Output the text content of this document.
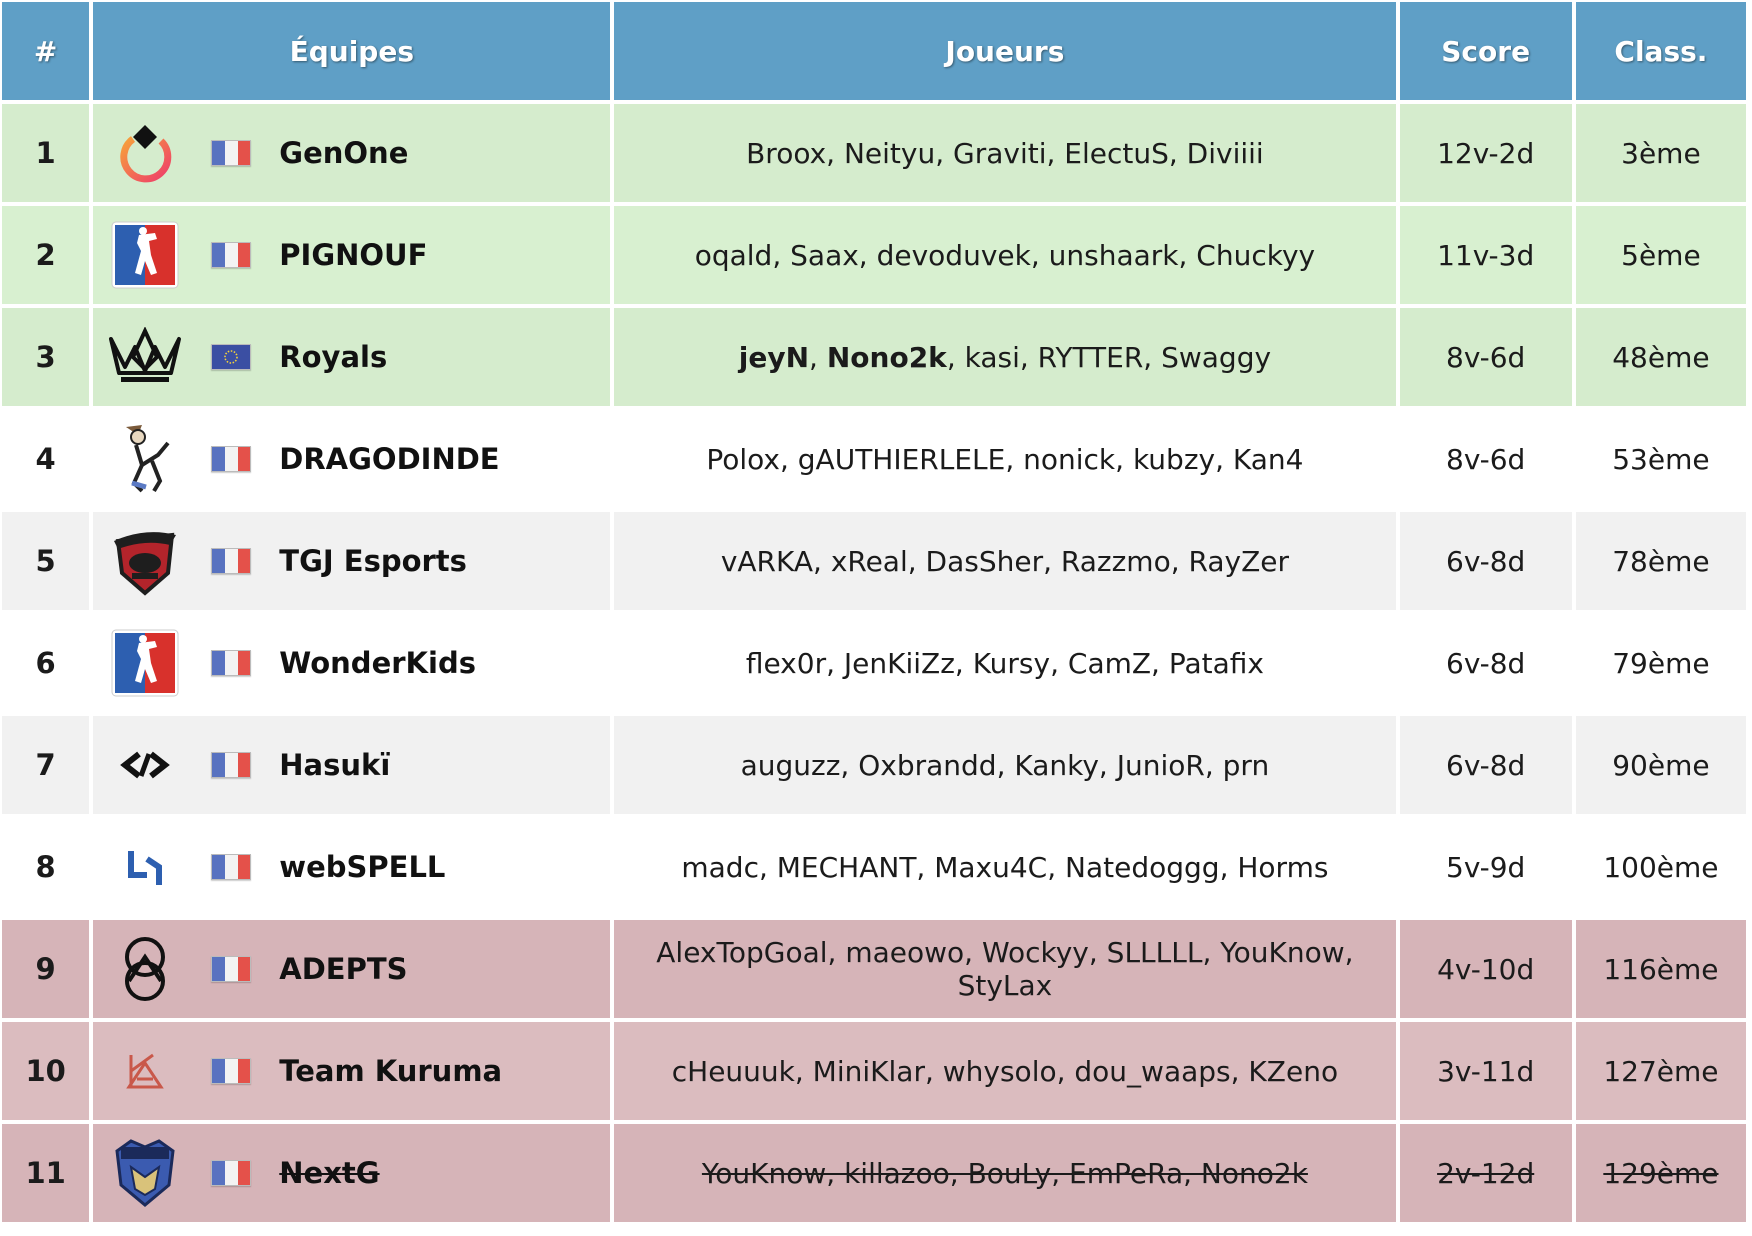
#	Équipes	Joueurs	Score	Class.
1	GenOne	Broox, Neityu, Graviti, ElectuS, Diviiii	12v-2d	3ème
2	PIGNOUF	oqald, Saax, devoduvek, unshaark, Chuckyy	11v-3d	5ème
3	Royals	jeyN, Nono2k, kasi, RYTTER, Swaggy	8v-6d	48ème
4	DRAGODINDE	Polox, gAUTHIERLELE, nonick, kubzy, Kan4	8v-6d	53ème
5	TGJ Esports	vARKA, xReal, DasSher, Razzmo, RayZer	6v-8d	78ème
6	WonderKids	flex0r, JenKiiZz, Kursy, CamZ, Patafix	6v-8d	79ème
7	Hasukï	auguzz, Oxbrandd, Kanky, JunioR, prn	6v-8d	90ème
8	webSPELL	madc, MECHANT, Maxu4C, Natedoggg, Horms	5v-9d	100ème
9	ADEPTS	AlexTopGoal, maeowo, Wockyy, SLLLLL, YouKnow,
StyLax	4v-10d	116ème
10	Team Kuruma	cHeuuuk, MiniKlar, whysolo, dou_waaps, KZeno	3v-11d	127ème
11	NextG	YouKnow, killazoo, BouLy, EmPeRa, Nono2k	2v-12d	129ème
